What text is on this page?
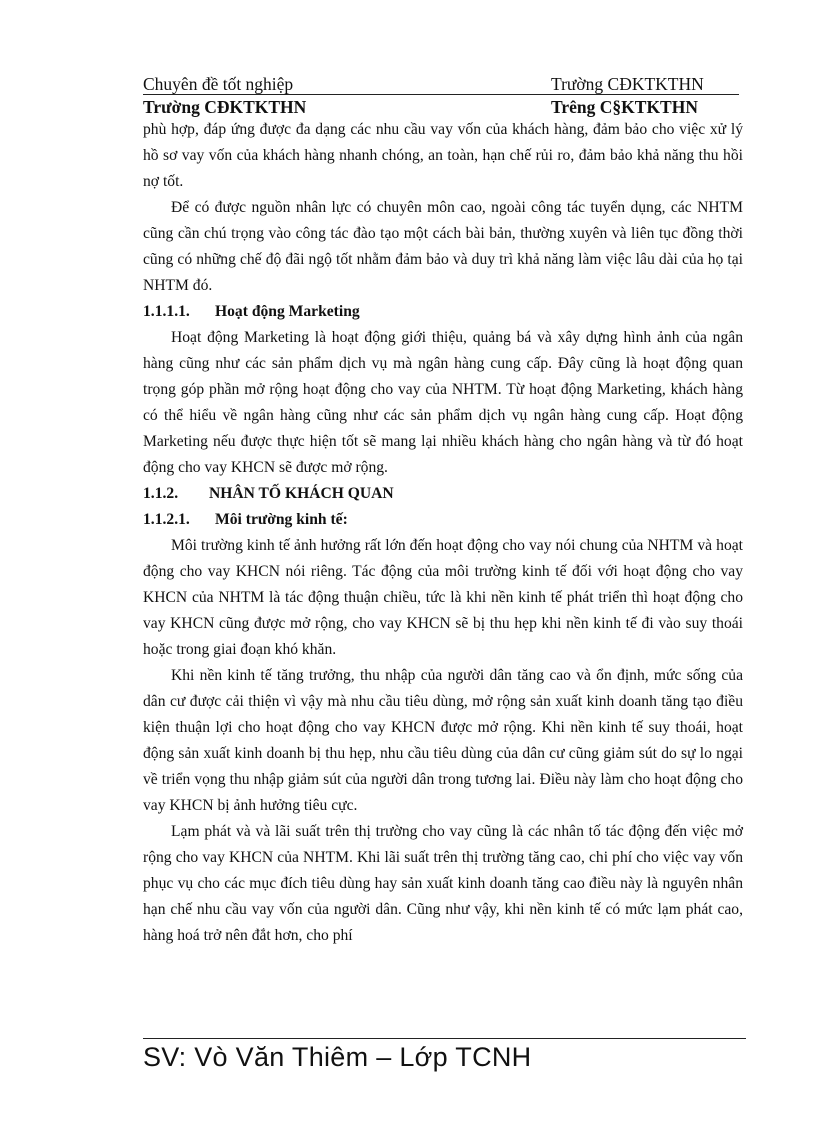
Chuyên đề tốt nghiệp	Trường CĐKTKTHN
Trường CĐKTKTHN	Trêng C§KTKTHN

phù hợp, đáp ứng được đa dạng các nhu cầu vay vốn của khách hàng, đảm bảo cho việc xử lý hồ sơ vay vốn của khách hàng nhanh chóng, an toàn, hạn chế rủi ro, đảm bảo khả năng thu hồi nợ tốt.

Để có được nguồn nhân lực có chuyên môn cao, ngoài công tác tuyển dụng, các NHTM cũng cần chú trọng vào công tác đào tạo một cách bài bản, thường xuyên và liên tục đồng thời cũng có những chế độ đãi ngộ tốt nhằm đảm bảo và duy trì khả năng làm việc lâu dài của họ tại NHTM đó.

1.1.1.1. Hoạt động Marketing

Hoạt động Marketing là hoạt động giới thiệu, quảng bá và xây dựng hình ảnh của ngân hàng cũng như các sản phẩm dịch vụ mà ngân hàng cung cấp. Đây cũng là hoạt động quan trọng góp phần mở rộng hoạt động cho vay của NHTM. Từ hoạt động Marketing, khách hàng có thể hiểu về ngân hàng cũng như các sản phẩm dịch vụ ngân hàng cung cấp. Hoạt động Marketing nếu được thực hiện tốt sẽ mang lại nhiều khách hàng cho ngân hàng và từ đó hoạt động cho vay KHCN sẽ được mở rộng.

1.1.2. NHÂN TỐ KHÁCH QUAN

1.1.2.1. Môi trường kinh tế:

Môi trường kinh tế ảnh hưởng rất lớn đến hoạt động cho vay nói chung của NHTM và hoạt động cho vay KHCN nói riêng. Tác động của môi trường kinh tế đối với hoạt động cho vay KHCN của NHTM là tác động thuận chiều, tức là khi nền kinh tế phát triển thì hoạt động cho vay KHCN cũng được mở rộng, cho vay KHCN sẽ bị thu hẹp khi nền kinh tế đi vào suy thoái hoặc trong giai đoạn khó khăn.

Khi nền kinh tế tăng trưởng, thu nhập của người dân tăng cao và ổn định, mức sống của dân cư được cải thiện vì vậy mà nhu cầu tiêu dùng, mở rộng sản xuất kinh doanh tăng tạo điều kiện thuận lợi cho hoạt động cho vay KHCN được mở rộng. Khi nền kinh tế suy thoái, hoạt động sản xuất kinh doanh bị thu hẹp, nhu cầu tiêu dùng của dân cư cũng giảm sút do sự lo ngại về triển vọng thu nhập giảm sút của người dân trong tương lai. Điều này làm cho hoạt động cho vay KHCN bị ảnh hưởng tiêu cực.

Lạm phát và và lãi suất trên thị trường cho vay cũng là các nhân tố tác động đến việc mở rộng cho vay KHCN của NHTM. Khi lãi suất trên thị trường tăng cao, chi phí cho việc vay vốn phục vụ cho các mục đích tiêu dùng hay sản xuất kinh doanh tăng cao điều này là nguyên nhân hạn chế nhu cầu vay vốn của người dân. Cũng như vậy, khi nền kinh tế có mức lạm phát cao, hàng hoá trở nên đắt hơn, cho phí

SV: Vò Văn Thiêm – Lớp TCNH
